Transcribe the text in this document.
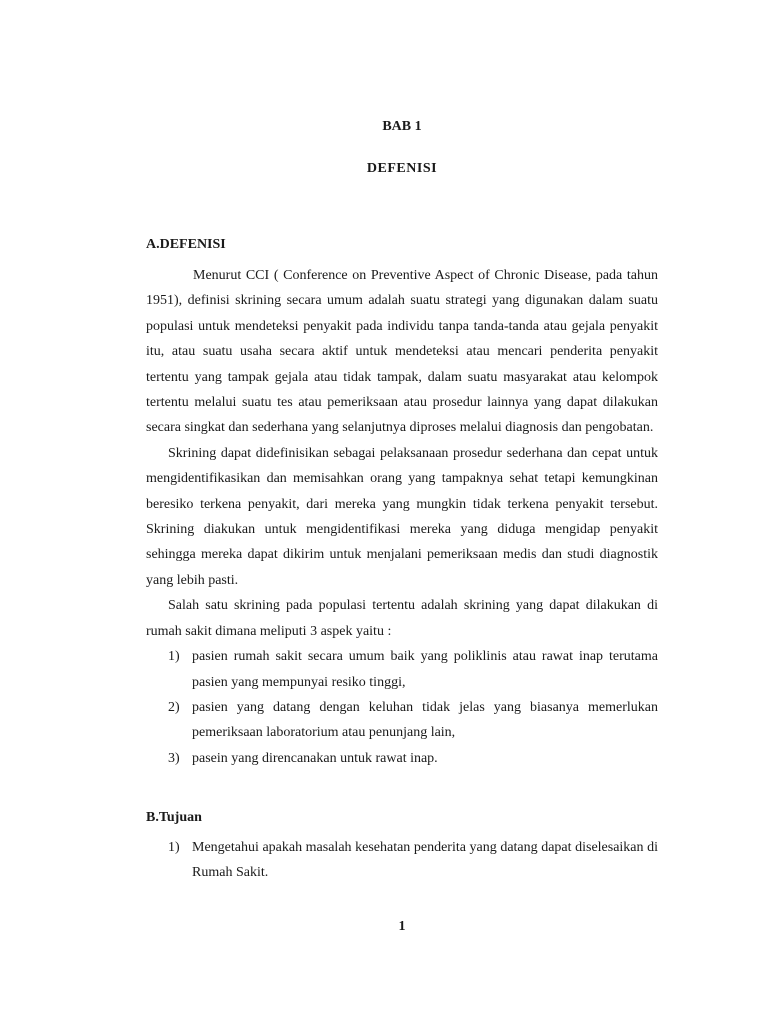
BAB 1

DEFENISI

A.DEFENISI

Menurut CCI ( Conference on Preventive Aspect of Chronic Disease, pada tahun 1951), definisi skrining secara umum adalah suatu strategi yang digunakan dalam suatu populasi untuk mendeteksi penyakit pada individu tanpa tanda-tanda atau gejala penyakit itu, atau suatu usaha secara aktif untuk mendeteksi atau mencari penderita penyakit tertentu yang tampak gejala atau tidak tampak, dalam suatu masyarakat atau kelompok tertentu melalui suatu tes atau pemeriksaan atau prosedur lainnya yang dapat dilakukan secara singkat dan sederhana yang selanjutnya diproses melalui diagnosis dan pengobatan.

Skrining dapat didefinisikan sebagai pelaksanaan prosedur sederhana dan cepat untuk mengidentifikasikan dan memisahkan orang yang tampaknya sehat tetapi kemungkinan beresiko terkena penyakit, dari mereka yang mungkin tidak terkena penyakit tersebut. Skrining diakukan untuk mengidentifikasi mereka yang diduga mengidap penyakit sehingga mereka dapat dikirim untuk menjalani pemeriksaan medis dan studi diagnostik yang lebih pasti.

Salah satu skrining pada populasi tertentu adalah skrining yang dapat dilakukan di rumah sakit dimana meliputi 3 aspek yaitu :

1) pasien rumah sakit secara umum baik yang poliklinis atau rawat inap terutama pasien yang mempunyai resiko tinggi,
2) pasien yang datang dengan keluhan tidak jelas yang biasanya memerlukan pemeriksaan laboratorium atau penunjang lain,
3) pasein yang direncanakan untuk rawat inap.

B.Tujuan

1) Mengetahui apakah masalah kesehatan penderita yang datang dapat diselesaikan di Rumah Sakit.

1
